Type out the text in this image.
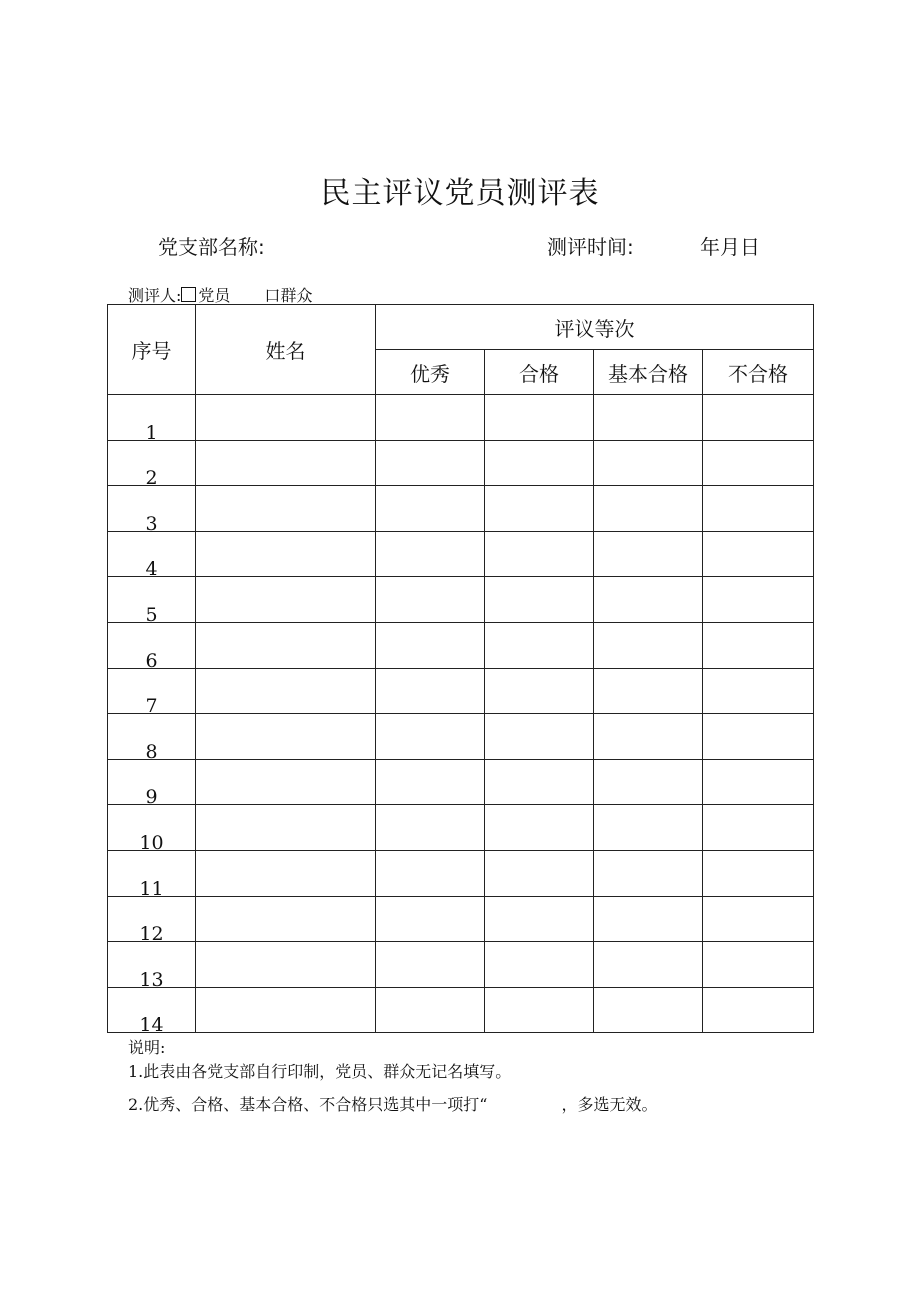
民主评议党员测评表
党支部名称:	测评时间:	年月日
测评人: 党员 口 群众
序号	姓名	评议等次			
		优秀	合格	基本合格	不合格
1					
2					
3					
4					
5					
6					
7					
8					
9					
10					
11					
12					
13					
14					
说明:
1.此表由各党支部自行印制，党员、群众无记名填写。
2.优秀、合格、基本合格、不合格只选其中一项打“	，多选无效。
